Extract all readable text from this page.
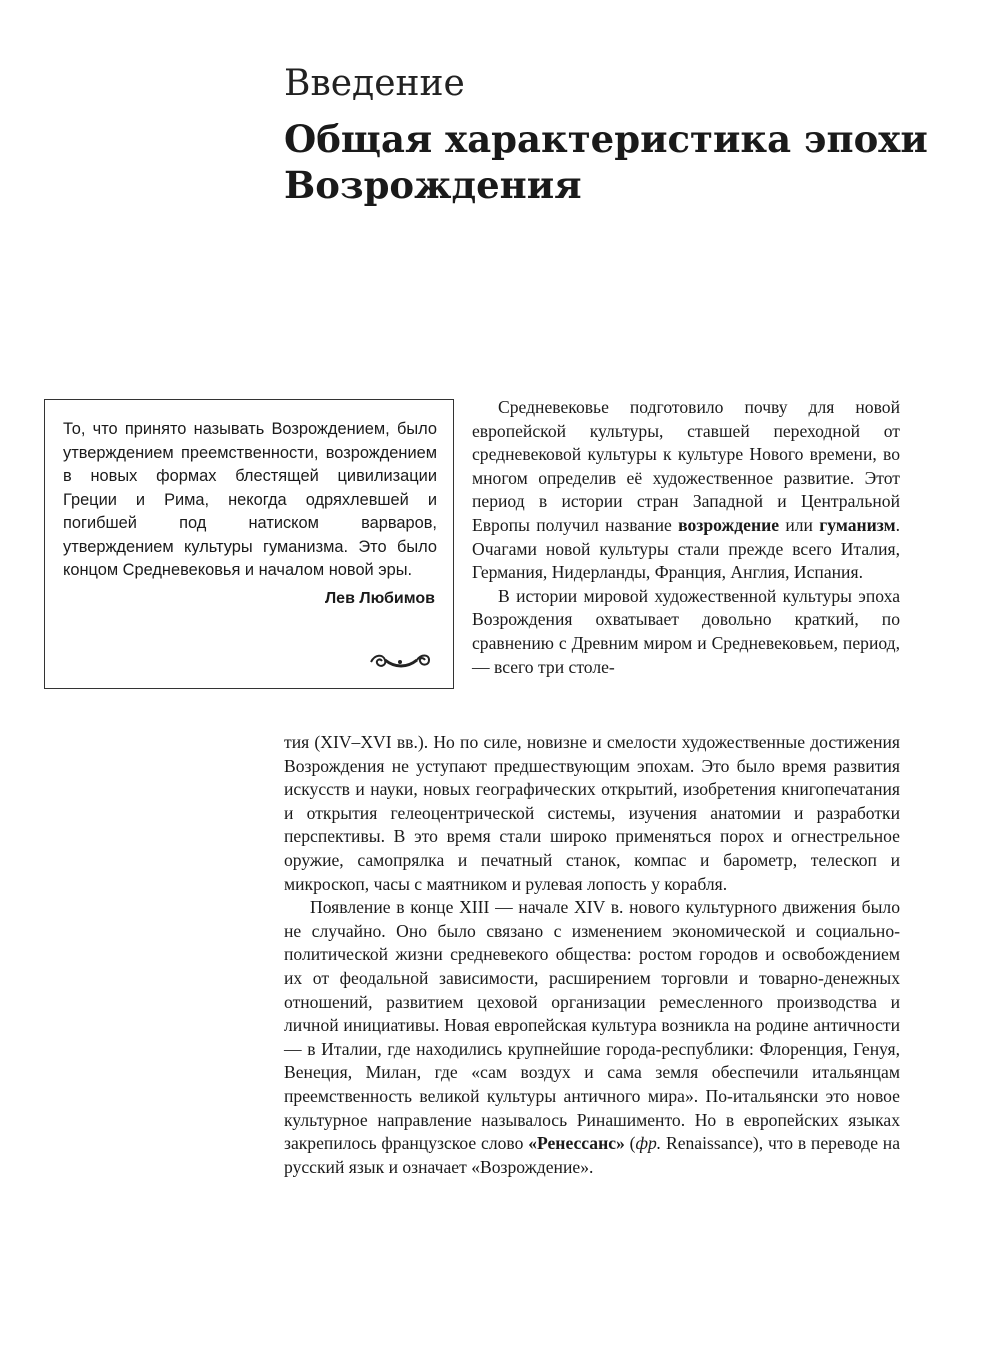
Введение
Общая характеристика эпохи Возрождения

То, что принято называть Возрождением, было утверждением преемственности, возрождением в новых формах блестящей цивилизации Греции и Рима, некогда одряхлевшей и погибшей под натиском варваров, утверждением культуры гуманизма. Это было концом Средневековья и началом новой эры.

Лев Любимов

Средневековье подготовило почву для новой европейской культуры, ставшей переходной от средневековой культуры к культуре Нового времени, во многом определив её художественное развитие. Этот период в истории стран Западной и Центральной Европы получил название возрождение или гуманизм. Очагами новой культуры стали прежде всего Италия, Германия, Нидерланды, Франция, Англия, Испания.

В истории мировой художественной культуры эпоха Возрождения охватывает довольно краткий, по сравнению с Древним миром и Средневековьем, период, — всего три столе-

тия (XIV–XVI вв.). Но по силе, новизне и смелости художественные достижения Возрождения не уступают предшествующим эпохам. Это было время развития искусств и науки, новых географических открытий, изобретения книгопечатания и открытия гелеоцентрической системы, изучения анатомии и разработки перспективы. В это время стали широко применяться порох и огнестрельное оружие, самопрялка и печатный станок, компас и барометр, телескоп и микроскоп, часы с маятником и рулевая лопость у корабля.

Появление в конце XIII — начале XIV в. нового культурного движения было не случайно. Оно было связано с изменением экономической и социально-политической жизни средневекого общества: ростом городов и освобождением их от феодальной зависимости, расширением торговли и товарно-денежных отношений, развитием цеховой организации ремесленного производства и личной инициативы. Новая европейская культура возникла на родине античности — в Италии, где находились крупнейшие города-республики: Флоренция, Генуя, Венеция, Милан, где «сам воздух и сама земля обеспечили итальянцам преемственность великой культуры античного мира». По-итальянски это новое культурное направление называлось Ринашименто. Но в европейских языках закрепилось французское слово «Ренессанс» (фр. Renaissance), что в переводе на русский язык и означает «Возрождение».
